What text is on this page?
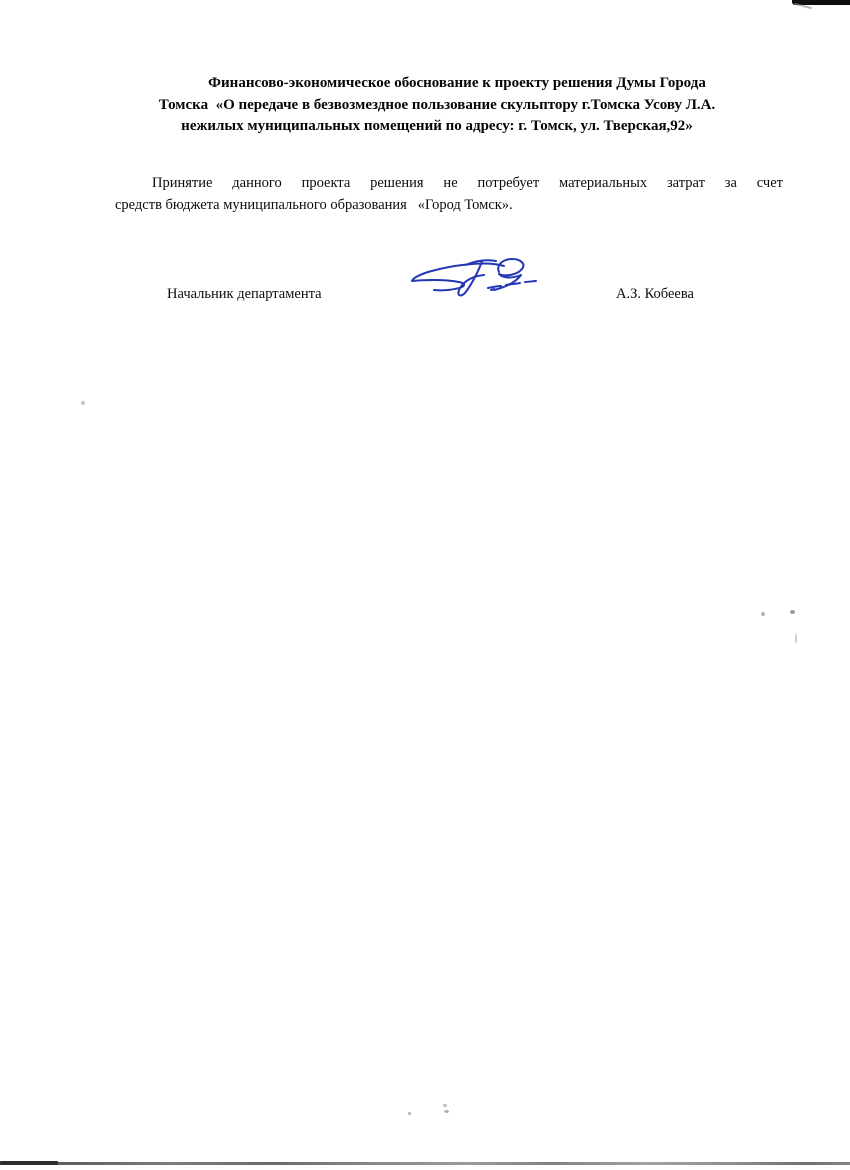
Финансово-экономическое обоснование к проекту решения Думы Города
Томска  «О передаче в безвозмездное пользование скульптору г.Томска Усову Л.А.
нежилых муниципальных помещений по адресу: г. Томск, ул. Тверская,92»
Принятие данного проекта решения не потребует материальных затрат за счет
средств бюджета муниципального образования   «Город Томск».
Начальник департамента	А.З. Кобеева
